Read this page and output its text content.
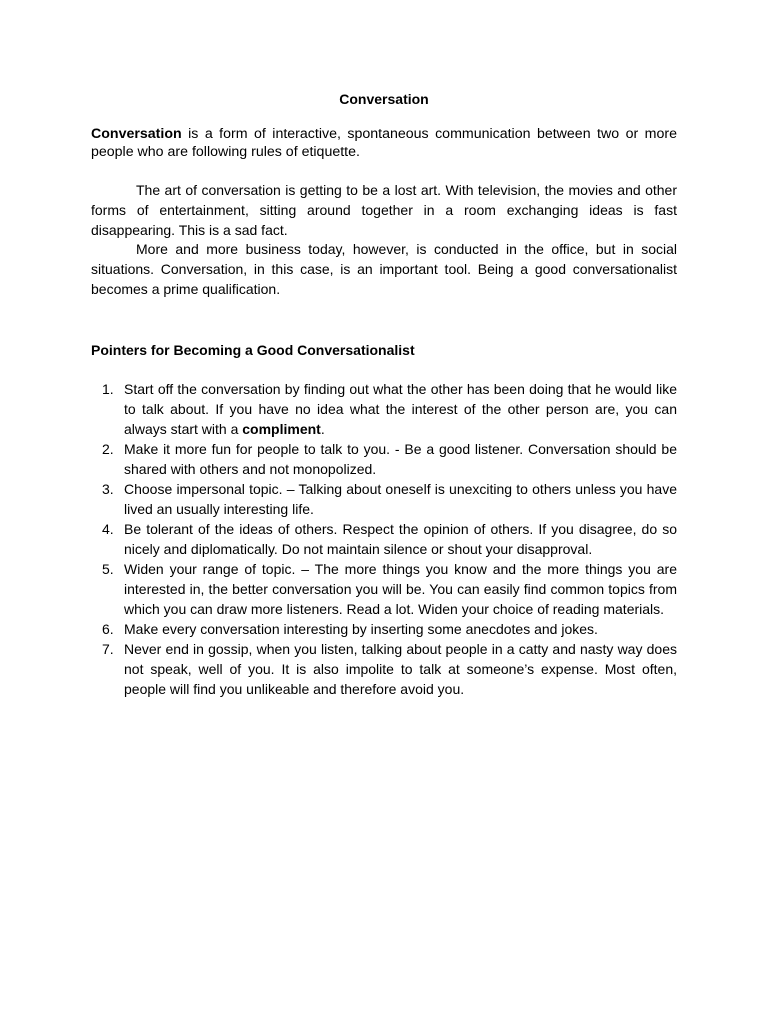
Conversation
Conversation is a form of interactive, spontaneous communication between two or more people who are following rules of etiquette.

The art of conversation is getting to be a lost art. With television, the movies and other forms of entertainment, sitting around together in a room exchanging ideas is fast disappearing. This is a sad fact.

More and more business today, however, is conducted in the office, but in social situations. Conversation, in this case, is an important tool. Being a good conversationalist becomes a prime qualification.

Pointers for Becoming a Good Conversationalist
1. Start off the conversation by finding out what the other has been doing that he would like to talk about. If you have no idea what the interest of the other person are, you can always start with a compliment.
2. Make it more fun for people to talk to you. - Be a good listener. Conversation should be shared with others and not monopolized.
3. Choose impersonal topic. – Talking about oneself is unexciting to others unless you have lived an usually interesting life.
4. Be tolerant of the ideas of others. Respect the opinion of others. If you disagree, do so nicely and diplomatically. Do not maintain silence or shout your disapproval.
5. Widen your range of topic. – The more things you know and the more things you are interested in, the better conversation you will be. You can easily find common topics from which you can draw more listeners. Read a lot. Widen your choice of reading materials.
6. Make every conversation interesting by inserting some anecdotes and jokes.
7. Never end in gossip, when you listen, talking about people in a catty and nasty way does not speak, well of you. It is also impolite to talk at someone’s expense. Most often, people will find you unlikeable and therefore avoid you.
